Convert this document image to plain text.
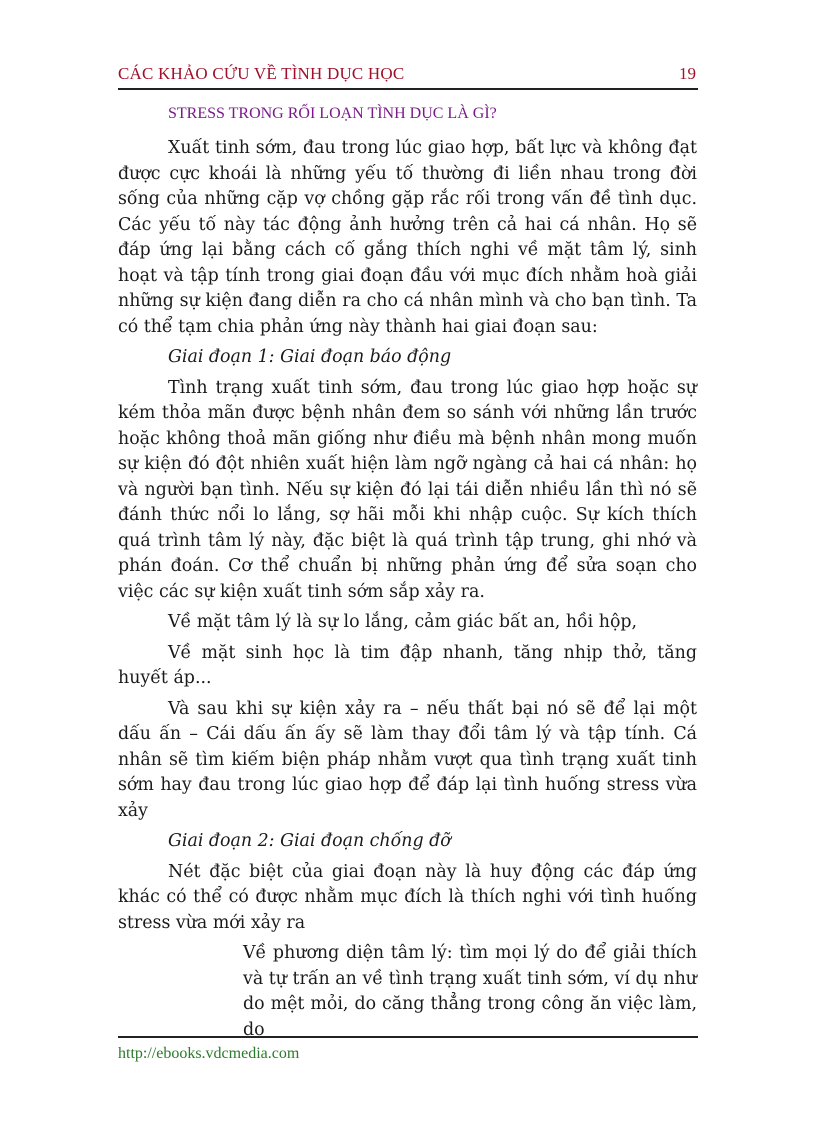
CÁC KHẢO CỨU VỀ TÌNH DỤC HỌC	19
STRESS TRONG RỐI LOẠN TÌNH DỤC LÀ GÌ?

Xuất tinh sớm, đau trong lúc giao hợp, bất lực và không đạt được cực khoái là những yếu tố thường đi liền nhau trong đời sống của những cặp vợ chồng gặp rắc rối trong vấn đề tình dục. Các yếu tố này tác động ảnh hưởng trên cả hai cá nhân. Họ sẽ đáp ứng lại bằng cách cố gắng thích nghi về mặt tâm lý, sinh hoạt và tập tính trong giai đoạn đầu với mục đích nhằm hoà giải những sự kiện đang diễn ra cho cá nhân mình và cho bạn tình. Ta có thể tạm chia phản ứng này thành hai giai đoạn sau:

Giai đoạn 1: Giai đoạn báo động

Tình trạng xuất tinh sớm, đau trong lúc giao hợp hoặc sự kém thỏa mãn được bệnh nhân đem so sánh với những lần trước hoặc không thoả mãn giống như điều mà bệnh nhân mong muốn sự kiện đó đột nhiên xuất hiện làm ngỡ ngàng cả hai cá nhân: họ và người bạn tình. Nếu sự kiện đó lại tái diễn nhiều lần thì nó sẽ đánh thức nổi lo lắng, sợ hãi mỗi khi nhập cuộc. Sự kích thích quá trình tâm lý này, đặc biệt là quá trình tập trung, ghi nhớ và phán đoán. Cơ thể chuẩn bị những phản ứng để sửa soạn cho việc các sự kiện xuất tinh sớm sắp xảy ra.

Về mặt tâm lý là sự lo lắng, cảm giác bất an, hồi hộp,

Về mặt sinh học là tim đập nhanh, tăng nhịp thở, tăng huyết áp...

Và sau khi sự kiện xảy ra – nếu thất bại nó sẽ để lại một dấu ấn – Cái dấu ấn ấy sẽ làm thay đổi tâm lý và tập tính. Cá nhân sẽ tìm kiếm biện pháp nhằm vượt qua tình trạng xuất tinh sớm hay đau trong lúc giao hợp để đáp lại tình huống stress vừa xảy

Giai đoạn 2: Giai đoạn chống đỡ

Nét đặc biệt của giai đoạn này là huy động các đáp ứng khác có thể có được nhằm mục đích là thích nghi với tình huống stress vừa mới xảy ra

Về phương diện tâm lý: tìm mọi lý do để giải thích và tự trấn an về tình trạng xuất tinh sớm, ví dụ như do mệt mỏi, do căng thẳng trong công ăn việc làm, do

http://ebooks.vdcmedia.com
